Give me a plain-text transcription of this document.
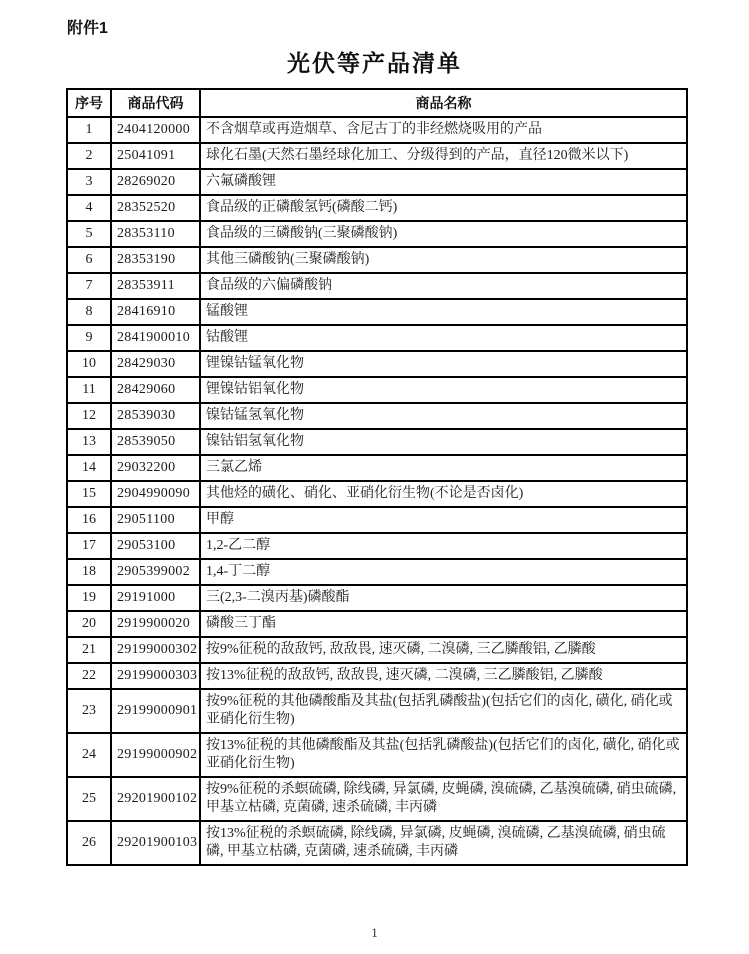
附件1
光伏等产品清单
序号	商品代码	商品名称
1	2404120000	不含烟草或再造烟草、含尼古丁的非经燃烧吸用的产品
2	25041091	球化石墨(天然石墨经球化加工、分级得到的产品，直径120微米以下)
3	28269020	六氟磷酸锂
4	28352520	食品级的正磷酸氢钙(磷酸二钙)
5	28353110	食品级的三磷酸钠(三聚磷酸钠)
6	28353190	其他三磷酸钠(三聚磷酸钠)
7	28353911	食品级的六偏磷酸钠
8	28416910	锰酸锂
9	2841900010	钴酸锂
10	28429030	锂镍钴锰氧化物
11	28429060	锂镍钴铝氧化物
12	28539030	镍钴锰氢氧化物
13	28539050	镍钴铝氢氧化物
14	29032200	三氯乙烯
15	2904990090	其他烃的磺化、硝化、亚硝化衍生物(不论是否卤化)
16	29051100	甲醇
17	29053100	1,2-乙二醇
18	2905399002	1,4-丁二醇
19	29191000	三(2,3-二溴丙基)磷酸酯
20	2919900020	磷酸三丁酯
21	29199000302	按9%征税的敌敌钙, 敌敌畏, 速灭磷, 二溴磷, 三乙膦酸铝, 乙膦酸
22	29199000303	按13%征税的敌敌钙, 敌敌畏, 速灭磷, 二溴磷, 三乙膦酸铝, 乙膦酸
23	29199000901	按9%征税的其他磷酸酯及其盐(包括乳磷酸盐)(包括它们的卤化, 磺化, 硝化或亚硝化衍生物)
24	29199000902	按13%征税的其他磷酸酯及其盐(包括乳磷酸盐)(包括它们的卤化, 磺化, 硝化或亚硝化衍生物)
25	29201900102	按9%征税的杀螟硫磷, 除线磷, 异氯磷, 皮蝇磷, 溴硫磷, 乙基溴硫磷, 硝虫硫磷, 甲基立枯磷, 克菌磷, 速杀硫磷, 丰丙磷
26	29201900103	按13%征税的杀螟硫磷, 除线磷, 异氯磷, 皮蝇磷, 溴硫磷, 乙基溴硫磷, 硝虫硫磷, 甲基立枯磷, 克菌磷, 速杀硫磷, 丰丙磷
1
